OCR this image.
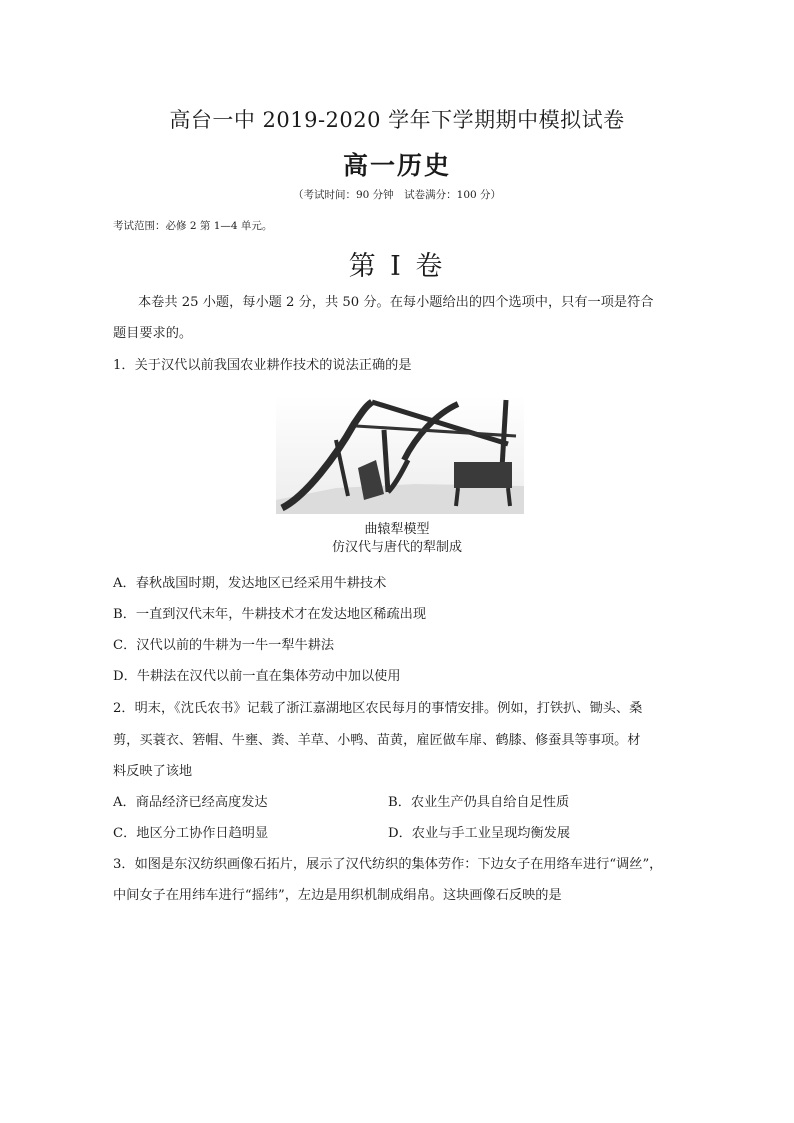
高台一中 2019-2020 学年下学期期中模拟试卷
高一历史
（考试时间：90 分钟　试卷满分：100 分）
考试范围：必修 2 第 1—4 单元。
第 I 卷
本卷共 25 小题，每小题 2 分，共 50 分。在每小题给出的四个选项中，只有一项是符合
题目要求的。
1．关于汉代以前我国农业耕作技术的说法正确的是
曲辕犁模型
仿汉代与唐代的犁制成
A．春秋战国时期，发达地区已经采用牛耕技术
B．一直到汉代末年，牛耕技术才在发达地区稀疏出现
C．汉代以前的牛耕为一牛一犁牛耕法
D．牛耕法在汉代以前一直在集体劳动中加以使用
2．明末，《沈氏农书》记载了浙江嘉湖地区农民每月的事情安排。例如，打铁扒、锄头、桑
剪，买蓑衣、箬帽、牛壅、粪、羊草、小鸭、苗黄，雇匠做车扉、鹤膝、修蚕具等事项。材
料反映了该地
A．商品经济已经高度发达	B．农业生产仍具自给自足性质
C．地区分工协作日趋明显	D．农业与手工业呈现均衡发展
3．如图是东汉纺织画像石拓片，展示了汉代纺织的集体劳作：下边女子在用络车进行“调丝”，
中间女子在用纬车进行“摇纬”，左边是用织机制成绢帛。这块画像石反映的是
